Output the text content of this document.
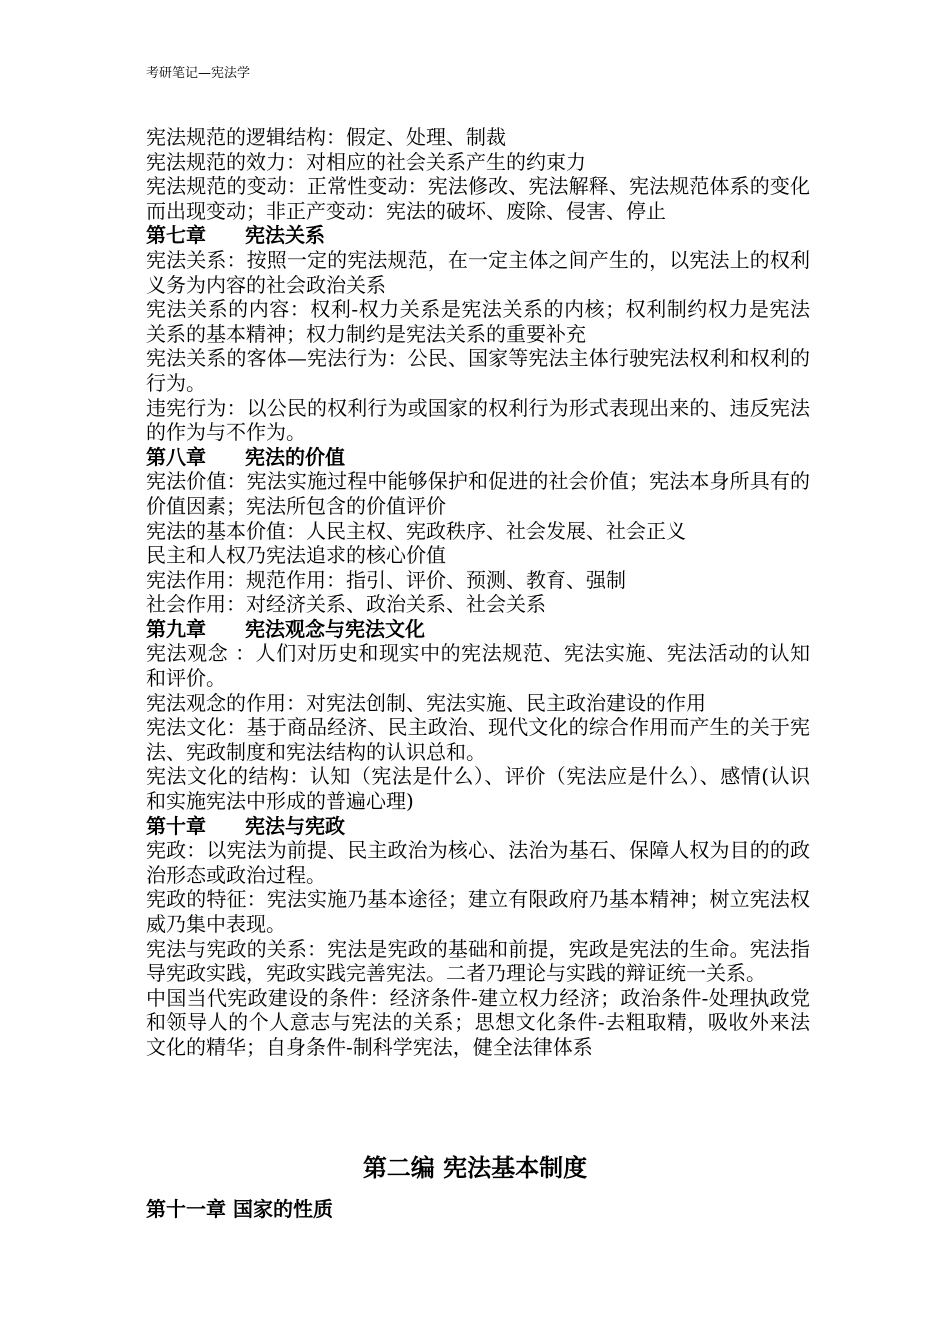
考研笔记—宪法学

宪法规范的逻辑结构：假定、处理、制裁

宪法规范的效力：对相应的社会关系产生的约束力

宪法规范的变动：正常性变动：宪法修改、宪法解释、宪法规范体系的变化而出现变动；非正产变动：宪法的破坏、废除、侵害、停止

第七章 宪法关系

宪法关系：按照一定的宪法规范，在一定主体之间产生的，以宪法上的权利义务为内容的社会政治关系

宪法关系的内容：权利-权力关系是宪法关系的内核；权利制约权力是宪法关系的基本精神；权力制约是宪法关系的重要补充

宪法关系的客体—宪法行为：公民、国家等宪法主体行驶宪法权利和权利的行为。

违宪行为：以公民的权利行为或国家的权利行为形式表现出来的、违反宪法的作为与不作为。

第八章 宪法的价值

宪法价值：宪法实施过程中能够保护和促进的社会价值；宪法本身所具有的价值因素；宪法所包含的价值评价

宪法的基本价值：人民主权、宪政秩序、社会发展、社会正义

民主和人权乃宪法追求的核心价值

宪法作用：规范作用：指引、评价、预测、教育、强制

社会作用：对经济关系、政治关系、社会关系

第九章 宪法观念与宪法文化

宪法观念 ：人们对历史和现实中的宪法规范、宪法实施、宪法活动的认知和评价。

宪法观念的作用：对宪法创制、宪法实施、民主政治建设的作用

宪法文化：基于商品经济、民主政治、现代文化的综合作用而产生的关于宪法、宪政制度和宪法结构的认识总和。

宪法文化的结构：认知（宪法是什么）、评价（宪法应是什么）、感情(认识和实施宪法中形成的普遍心理)

第十章 宪法与宪政

宪政：以宪法为前提、民主政治为核心、法治为基石、保障人权为目的的政治形态或政治过程。

宪政的特征：宪法实施乃基本途径；建立有限政府乃基本精神；树立宪法权威乃集中表现。

宪法与宪政的关系：宪法是宪政的基础和前提，宪政是宪法的生命。宪法指导宪政实践，宪政实践完善宪法。二者乃理论与实践的辩证统一关系。

中国当代宪政建设的条件：经济条件-建立权力经济；政治条件-处理执政党和领导人的个人意志与宪法的关系；思想文化条件-去粗取精，吸收外来法文化的精华；自身条件-制科学宪法，健全法律体系

第二编 宪法基本制度
第十一章 国家的性质
